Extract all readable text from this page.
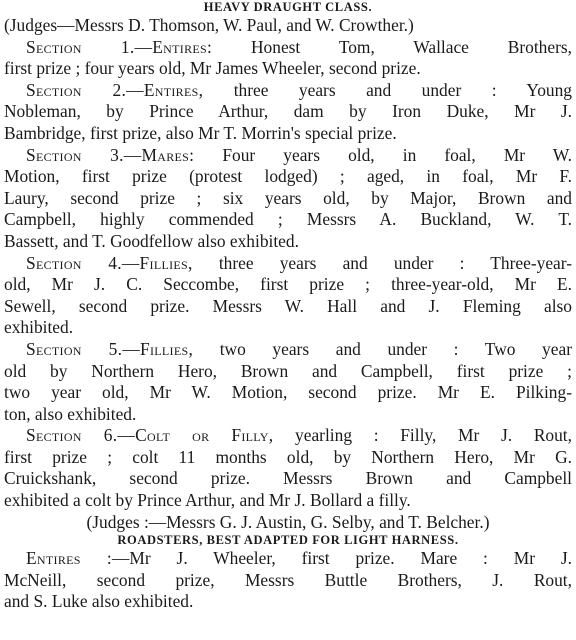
HEAVY DRAUGHT CLASS.

(Judges—Messrs D. Thomson, W. Paul, and W. Crowther.)

Section 1.—Entires: Honest Tom, Wallace Brothers,
first prize ; four years old, Mr James Wheeler, second prize.
Section 2.—Entires, three years and under : Young
Nobleman, by Prince Arthur, dam by Iron Duke, Mr J.
Bambridge, first prize, also Mr T. Morrin's special prize.
Section 3.—Mares: Four years old, in foal, Mr W.
Motion, first prize (protest lodged) ; aged, in foal, Mr F.
Laury, second prize ; six years old, by Major, Brown and
Campbell, highly commended ; Messrs A. Buckland, W. T.
Bassett, and T. Goodfellow also exhibited.
Section 4.—Fillies, three years and under : Three-year-
old, Mr J. C. Seccombe, first prize ; three-year-old, Mr E.
Sewell, second prize. Messrs W. Hall and J. Fleming also
exhibited.
Section 5.—Fillies, two years and under : Two year
old by Northern Hero, Brown and Campbell, first prize ;
two year old, Mr W. Motion, second prize. Mr E. Pilking-
ton, also exhibited.
Section 6.—Colt or Filly, yearling : Filly, Mr J. Rout,
first prize ; colt 11 months old, by Northern Hero, Mr G.
Cruickshank, second prize. Messrs Brown and Campbell
exhibited a colt by Prince Arthur, and Mr J. Bollard a filly.

(Judges :—Messrs G. J. Austin, G. Selby, and T. Belcher.)

ROADSTERS, BEST ADAPTED FOR LIGHT HARNESS.
Entires :—Mr J. Wheeler, first prize. Mare : Mr J.
McNeill, second prize, Messrs Buttle Brothers, J. Rout,
and S. Luke also exhibited.
